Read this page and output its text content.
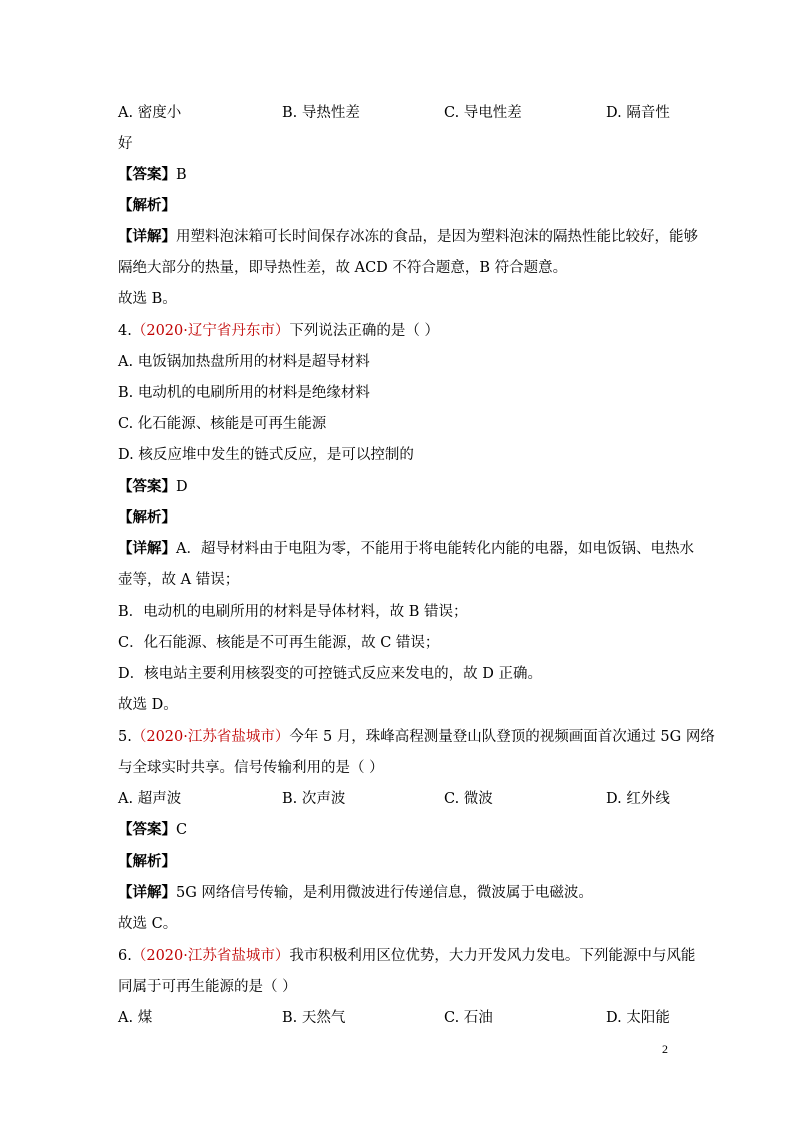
A. 密度小	B. 导热性差	C. 导电性差	D. 隔音性
好
【答案】B
【解析】
【详解】用塑料泡沫箱可长时间保存冰冻的食品，是因为塑料泡沫的隔热性能比较好，能够
隔绝大部分的热量，即导热性差，故 ACD 不符合题意，B 符合题意。
故选 B。
4.（2020·辽宁省丹东市）下列说法正确的是（ ）
A. 电饭锅加热盘所用的材料是超导材料
B. 电动机的电刷所用的材料是绝缘材料
C. 化石能源、核能是可再生能源
D. 核反应堆中发生的链式反应，是可以控制的
【答案】D
【解析】
【详解】A．超导材料由于电阻为零，不能用于将电能转化内能的电器，如电饭锅、电热水
壶等，故 A 错误；
B．电动机的电刷所用的材料是导体材料，故 B 错误；
C．化石能源、核能是不可再生能源，故 C 错误；
D．核电站主要利用核裂变的可控链式反应来发电的，故 D 正确。
故选 D。
5.（2020·江苏省盐城市）今年 5 月，珠峰高程测量登山队登顶的视频画面首次通过 5G 网络
与全球实时共享。信号传输利用的是（ ）
A. 超声波	B. 次声波	C. 微波	D. 红外线
【答案】C
【解析】
【详解】5G 网络信号传输，是利用微波进行传递信息，微波属于电磁波。
故选 C。
6.（2020·江苏省盐城市）我市积极利用区位优势，大力开发风力发电。下列能源中与风能
同属于可再生能源的是（ ）
A. 煤	B. 天然气	C. 石油	D. 太阳能
2
